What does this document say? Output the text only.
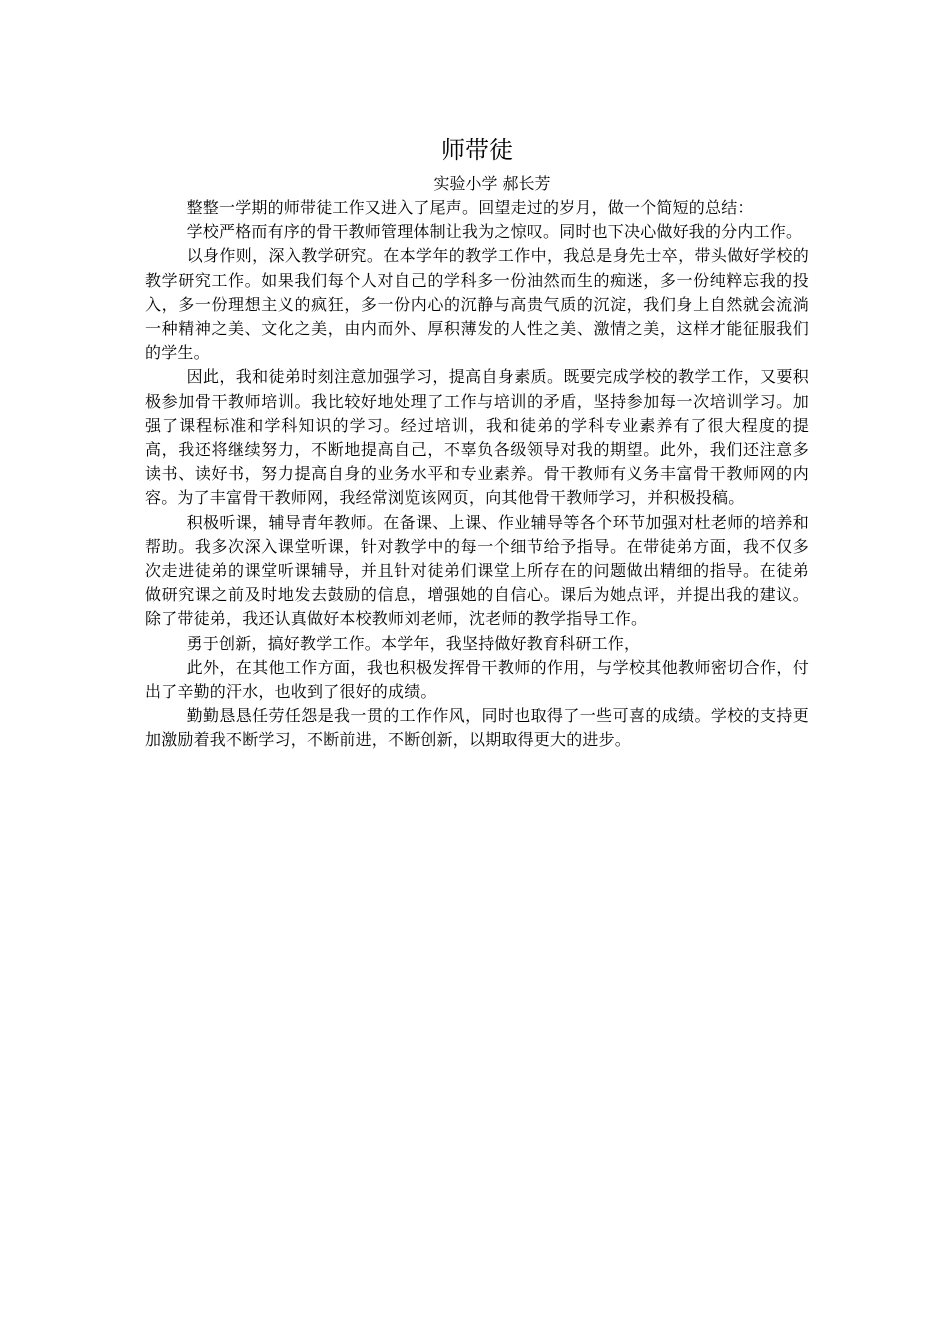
师带徒

实验小学 郝长芳

整整一学期的师带徒工作又进入了尾声。回望走过的岁月，做一个简短的总结：

学校严格而有序的骨干教师管理体制让我为之惊叹。同时也下决心做好我的分内工作。

以身作则，深入教学研究。在本学年的教学工作中，我总是身先士卒，带头做好学校的教学研究工作。如果我们每个人对自己的学科多一份油然而生的痴迷，多一份纯粹忘我的投入，多一份理想主义的疯狂，多一份内心的沉静与高贵气质的沉淀，我们身上自然就会流淌一种精神之美、文化之美，由内而外、厚积薄发的人性之美、激情之美，这样才能征服我们的学生。

因此，我和徒弟时刻注意加强学习，提高自身素质。既要完成学校的教学工作，又要积极参加骨干教师培训。我比较好地处理了工作与培训的矛盾，坚持参加每一次培训学习。加强了课程标准和学科知识的学习。经过培训，我和徒弟的学科专业素养有了很大程度的提高，我还将继续努力，不断地提高自己，不辜负各级领导对我的期望。此外，我们还注意多读书、读好书，努力提高自身的业务水平和专业素养。骨干教师有义务丰富骨干教师网的内容。为了丰富骨干教师网，我经常浏览该网页，向其他骨干教师学习，并积极投稿。

积极听课，辅导青年教师。在备课、上课、作业辅导等各个环节加强对杜老师的培养和帮助。我多次深入课堂听课，针对教学中的每一个细节给予指导。在带徒弟方面，我不仅多次走进徒弟的课堂听课辅导，并且针对徒弟们课堂上所存在的问题做出精细的指导。在徒弟做研究课之前及时地发去鼓励的信息，增强她的自信心。课后为她点评，并提出我的建议。除了带徒弟，我还认真做好本校教师刘老师，沈老师的教学指导工作。

勇于创新，搞好教学工作。本学年，我坚持做好教育科研工作，

此外，在其他工作方面，我也积极发挥骨干教师的作用，与学校其他教师密切合作，付出了辛勤的汗水，也收到了很好的成绩。

勤勤恳恳任劳任怨是我一贯的工作作风，同时也取得了一些可喜的成绩。学校的支持更加激励着我不断学习，不断前进，不断创新，以期取得更大的进步。
